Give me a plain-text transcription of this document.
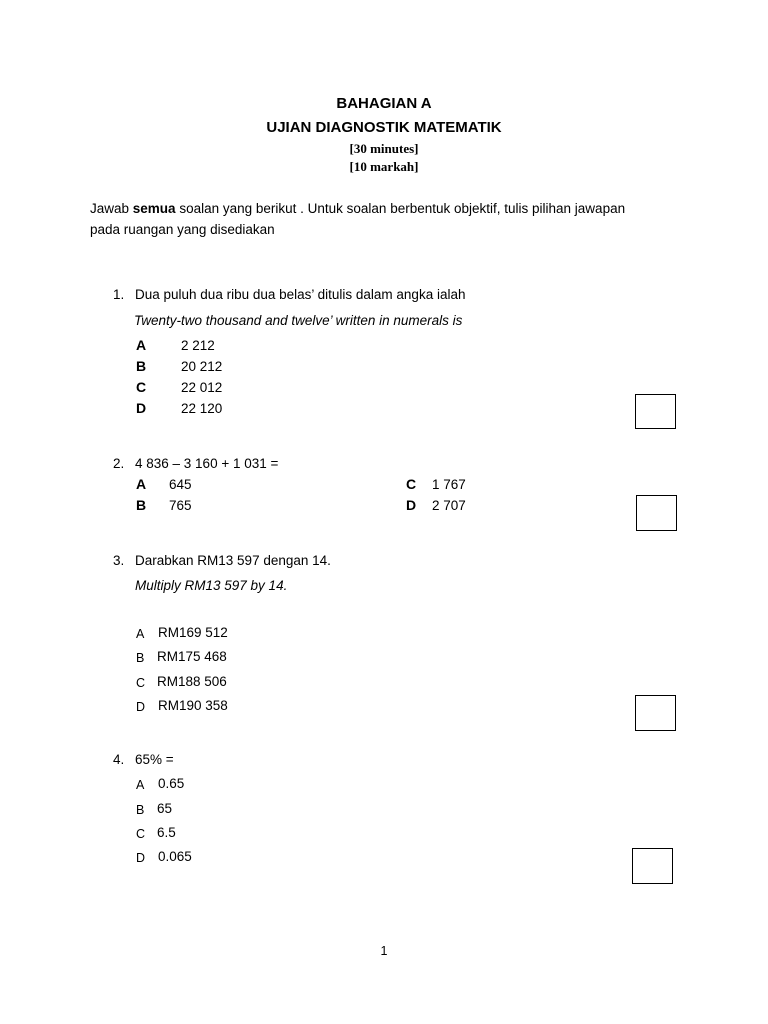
BAHAGIAN A
UJIAN DIAGNOSTIK MATEMATIK
[30 minutes]
[10 markah]
Jawab semua soalan yang berikut . Untuk soalan berbentuk objektif, tulis pilihan jawapan
pada ruangan yang disediakan
1. Dua puluh dua ribu dua belas’ ditulis dalam angka ialah
Twenty-two thousand and twelve’ written in numerals is
A	2 212
B	20 212
C	22 012
D	22 120
2. 4 836 – 3 160 + 1 031 =
A 645
B 765
C 1 767
D 2 707
3. Darabkan RM13 597 dengan 14.
Multiply RM13 597 by 14.
A RM169 512
B RM175 468
C RM188 506
D RM190 358
4. 65% =
A 0.65
B 65
C 6.5
D 0.065
1
